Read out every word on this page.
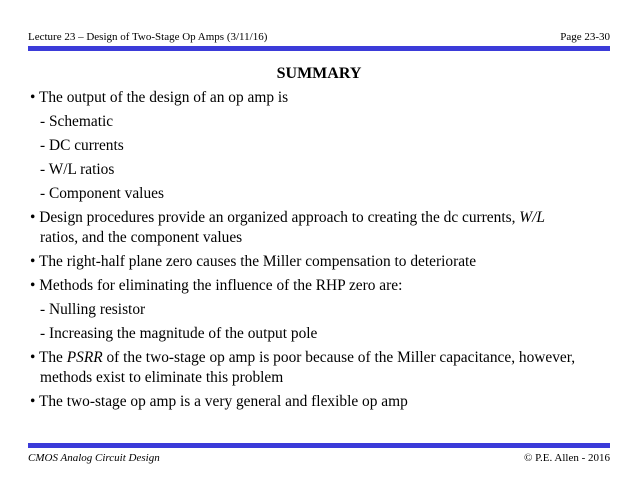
Lecture 23 – Design of Two-Stage Op Amps (3/11/16)	Page 23-30
SUMMARY
• The output of the design of an op amp is
- Schematic
- DC currents
- W/L ratios
- Component values
• Design procedures provide an organized approach to creating the dc currents, W/L
ratios, and the component values
• The right-half plane zero causes the Miller compensation to deteriorate
• Methods for eliminating the influence of the RHP zero are:
- Nulling resistor
- Increasing the magnitude of the output pole
• The PSRR of the two-stage op amp is poor because of the Miller capacitance, however,
methods exist to eliminate this problem
• The two-stage op amp is a very general and flexible op amp
CMOS Analog Circuit Design	© P.E. Allen - 2016
